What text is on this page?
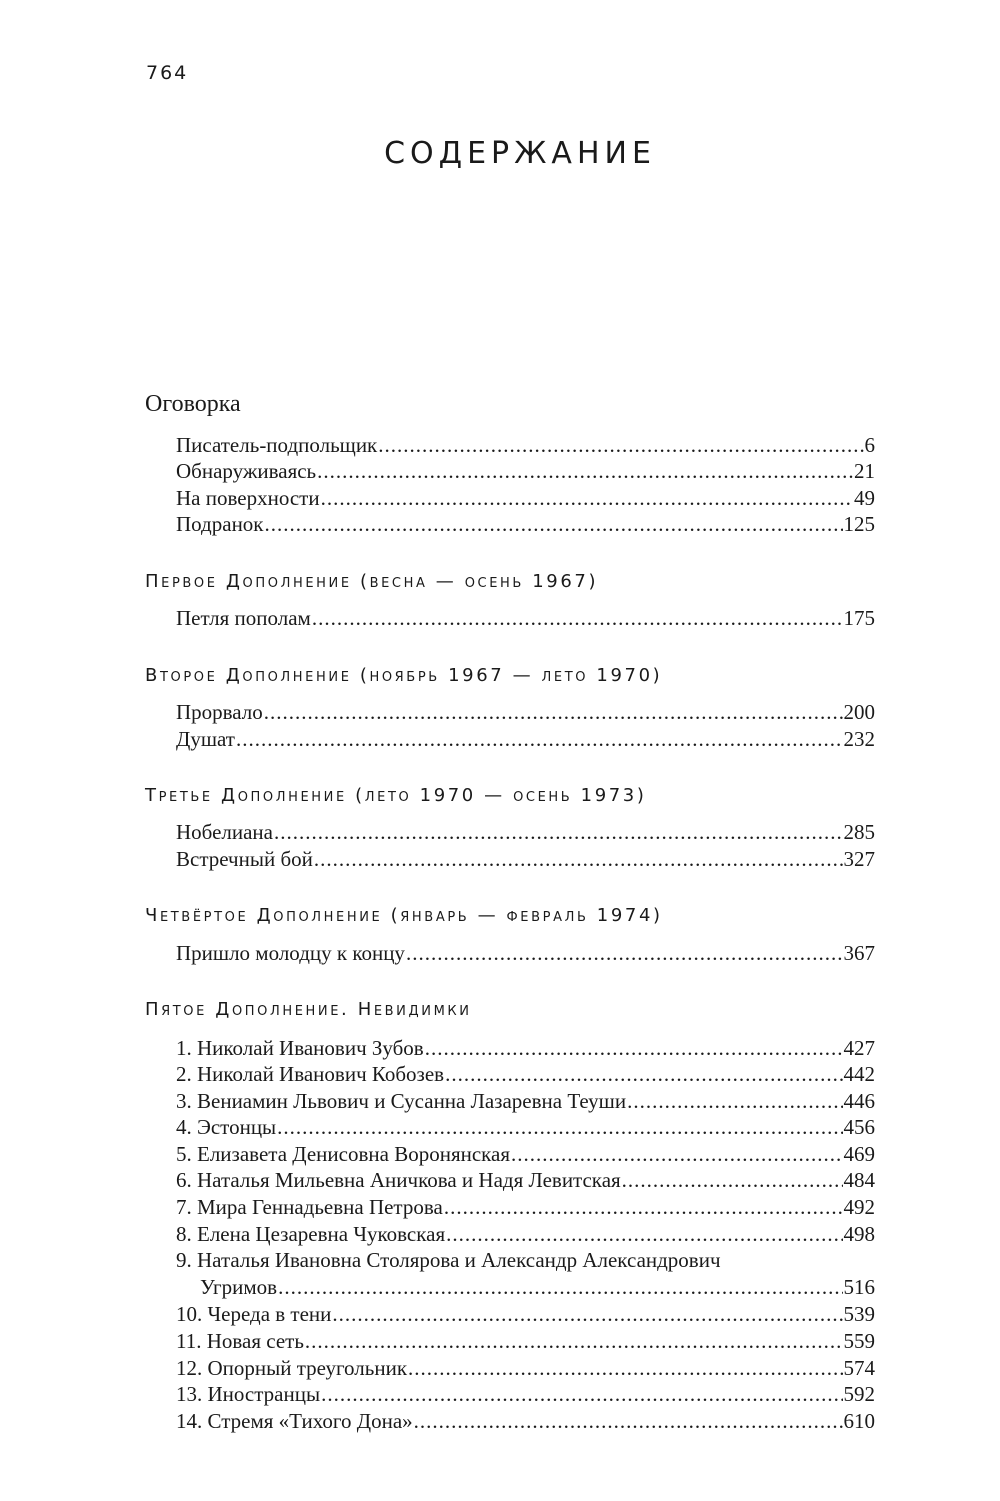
764
СОДЕРЖАНИЕ
Оговорка
Писатель-подпольщик .....	6
Обнаруживаясь .....	21
На поверхности .....	49
Подранок .....	125
Первое Дополнение (весна — осень 1967)
Петля пополам .....	175
Второе Дополнение (ноябрь 1967 — лето 1970)
Прорвало .....	200
Душат .....	232
Третье Дополнение (лето 1970 — осень 1973)
Нобелиана .....	285
Встречный бой .....	327
Четвёртое Дополнение (январь — февраль 1974)
Пришло молодцу к концу .....	367
Пятое Дополнение. Невидимки
1. Николай Иванович Зубов .....	427
2. Николай Иванович Кобозев .....	442
3. Вениамин Львович и Сусанна Лазаревна Теуши .....	446
4. Эстонцы .....	456
5. Елизавета Денисовна Воронянская .....	469
6. Наталья Мильевна Аничкова и Надя Левитская .....	484
7. Мира Геннадьевна Петрова .....	492
8. Елена Цезаревна Чуковская .....	498
9. Наталья Ивановна Столярова и Александр Александрович
Угримов .....	516
10. Череда в тени .....	539
11. Новая сеть .....	559
12. Опорный треугольник .....	574
13. Иностранцы .....	592
14. Стремя «Тихого Дона» .....	610
